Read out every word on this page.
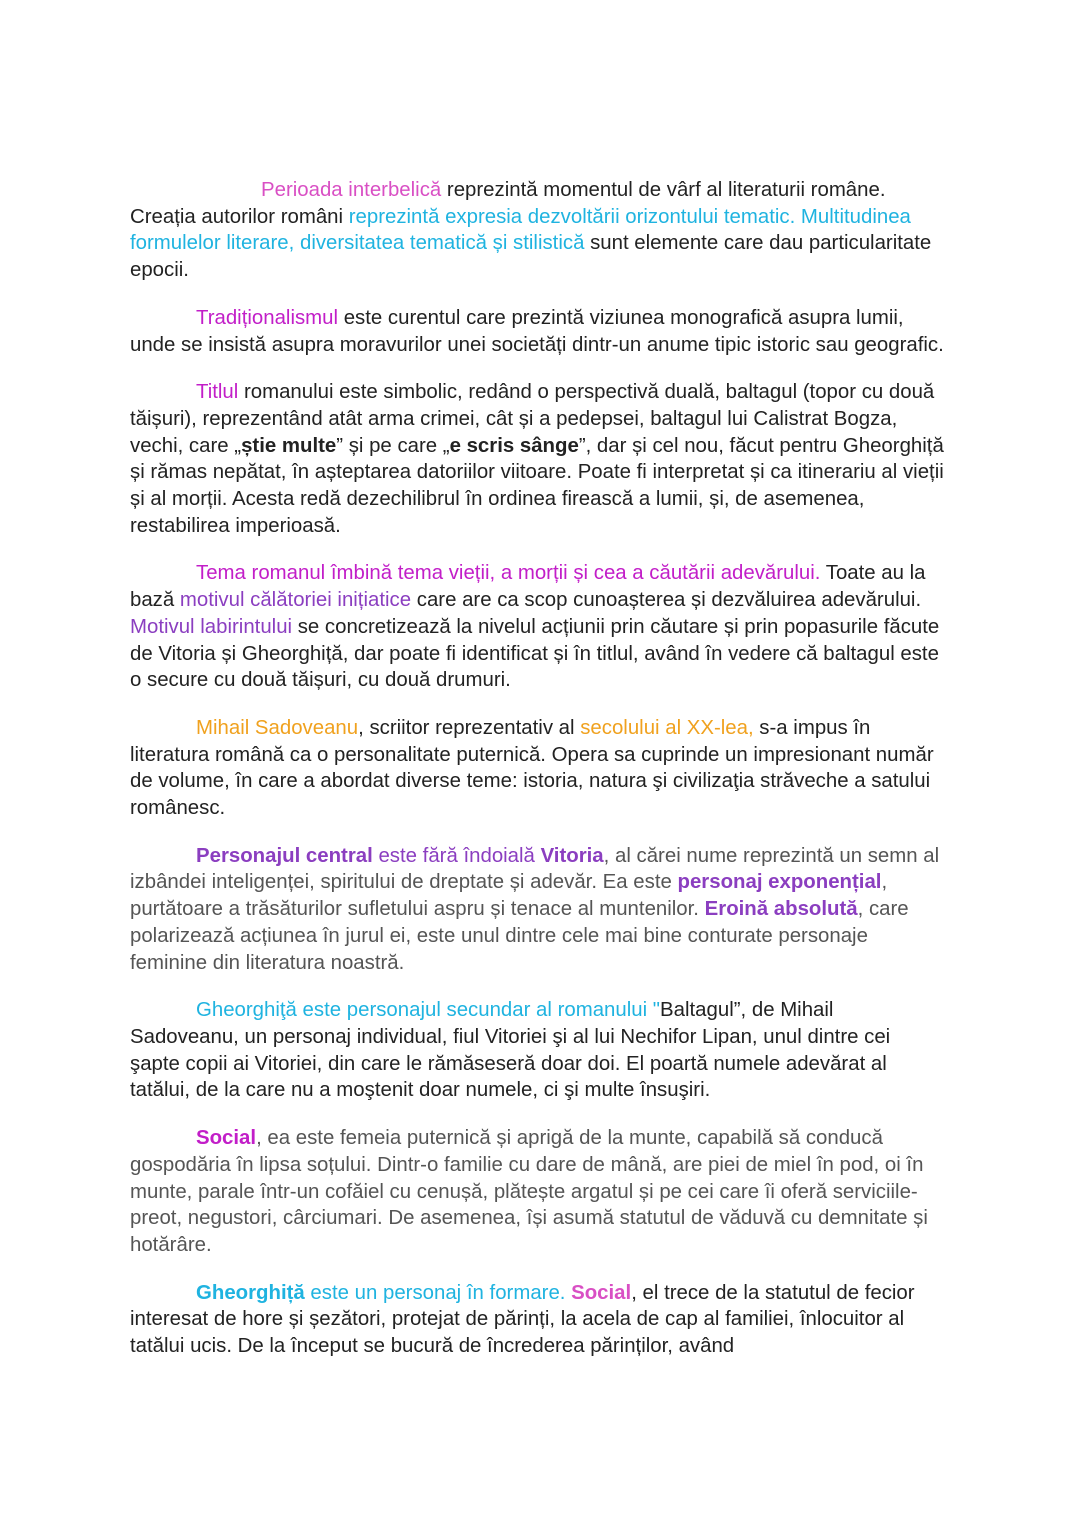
Perioada interbelică reprezintă momentul de vârf al literaturii române. Creația autorilor români reprezintă expresia dezvoltării orizontului tematic. Multitudinea formulelor literare, diversitatea tematică și stilistică sunt elemente care dau particularitate epocii.

Tradiționalismul este curentul care prezintă viziunea monografică asupra lumii, unde se insistă asupra moravurilor unei societăți dintr-un anume tipic istoric sau geografic.

Titlul romanului este simbolic, redând o perspectivă duală, baltagul (topor cu două tăișuri), reprezentând atât arma crimei, cât și a pedepsei, baltagul lui Calistrat Bogza, vechi, care „știe multe” și pe care „e scris sânge”, dar și cel nou, făcut pentru Gheorghiță și rămas nepătat, în așteptarea datoriilor viitoare. Poate fi interpretat și ca itinerariu al vieții și al morții. Acesta redă dezechilibrul în ordinea firească a lumii, și, de asemenea, restabilirea imperioasă.

Tema romanul îmbină tema vieții, a morții și cea a căutării adevărului. Toate au la bază motivul călătoriei inițiatice care are ca scop cunoașterea și dezvăluirea adevărului. Motivul labirintului se concretizează la nivelul acțiunii prin căutare și prin popasurile făcute de Vitoria și Gheorghiță, dar poate fi identificat și în titlul, având în vedere că baltagul este o secure cu două tăișuri, cu două drumuri.

Mihail Sadoveanu, scriitor reprezentativ al secolului al XX-lea, s-a impus în literatura română ca o personalitate puternică. Opera sa cuprinde un impresionant număr de volume, în care a abordat diverse teme: istoria, natura şi civilizaţia străveche a satului românesc.

Personajul central este fără îndoială Vitoria, al cărei nume reprezintă un semn al izbândei inteligenței, spiritului de dreptate și adevăr. Ea este personaj exponențial, purtătoare a trăsăturilor sufletului aspru și tenace al muntenilor. Eroină absolută, care polarizează acțiunea în jurul ei, este unul dintre cele mai bine conturate personaje feminine din literatura noastră.

Gheorghiţă este personajul secundar al romanului "Baltagul”, de Mihail Sadoveanu, un personaj individual, fiul Vitoriei şi al lui Nechifor Lipan, unul dintre cei şapte copii ai Vitoriei, din care le rămăseseră doar doi. El poartă numele adevărat al tatălui, de la care nu a moştenit doar numele, ci şi multe însuşiri.

Social, ea este femeia puternică și aprigă de la munte, capabilă să conducă gospodăria în lipsa soțului. Dintr-o familie cu dare de mână, are piei de miel în pod, oi în munte, parale într-un cofăiel cu cenușă, plătește argatul și pe cei care îi oferă serviciile-preot, negustori, cârciumari. De asemenea, își asumă statutul de văduvă cu demnitate și hotărâre.

Gheorghiță este un personaj în formare. Social, el trece de la statutul de fecior interesat de hore și șezători, protejat de părinți, la acela de cap al familiei, înlocuitor al tatălui ucis. De la început se bucură de încrederea părinților, având
